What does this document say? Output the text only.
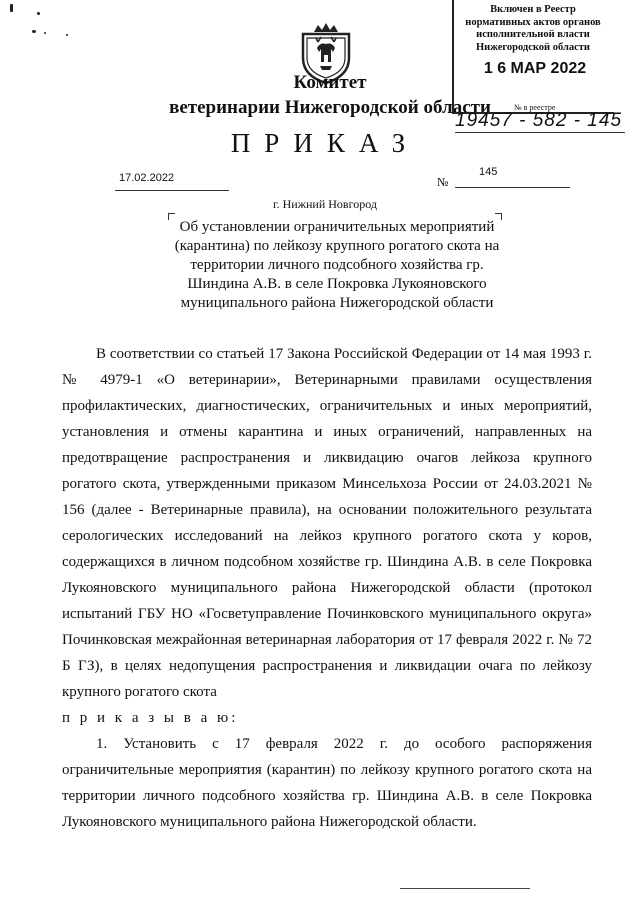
Комитет
ветеринарии Нижегородской области
Включен в Реестр
нормативных актов органов
исполнительной власти
Нижегородской области
1 6 МАР 2022
№ в реестре
19457 - 582 - 145
ПРИКАЗ
17.02.2022	№
145
г. Нижний Новгород
Об установлении ограничительных мероприятий (карантина) по лейкозу крупного рогатого скота на территории личного подсобного хозяйства гр. Шиндина А.В. в селе Покровка Лукояновского муниципального района Нижегородской области

В соответствии со статьей 17 Закона Российской Федерации от 14 мая 1993 г. № 4979-1 «О ветеринарии», Ветеринарными правилами осуществления профилактических, диагностических, ограничительных и иных мероприятий, установления и отмены карантина и иных ограничений, направленных на предотвращение распространения и ликвидацию очагов лейкоза крупного рогатого скота, утвержденными приказом Минсельхоза России от 24.03.2021 № 156 (далее - Ветеринарные правила), на основании положительного результата серологических исследований на лейкоз крупного рогатого скота у коров, содержащихся в личном подсобном хозяйстве гр. Шиндина А.В. в селе Покровка Лукояновского муниципального района Нижегородской области (протокол испытаний ГБУ НО «Госветуправление Починковского муниципального округа» Починковская межрайонная ветеринарная лаборатория от 17 февраля 2022 г. № 72 Б ГЗ), в целях недопущения распространения и ликвидации очага по лейкозу крупного рогатого скота

п р и к а з ы в а ю:

1. Установить с 17 февраля 2022 г. до особого распоряжения ограничительные мероприятия (карантин) по лейкозу крупного рогатого скота на территории личного подсобного хозяйства гр. Шиндина А.В. в селе Покровка Лукояновского муниципального района Нижегородской области.
